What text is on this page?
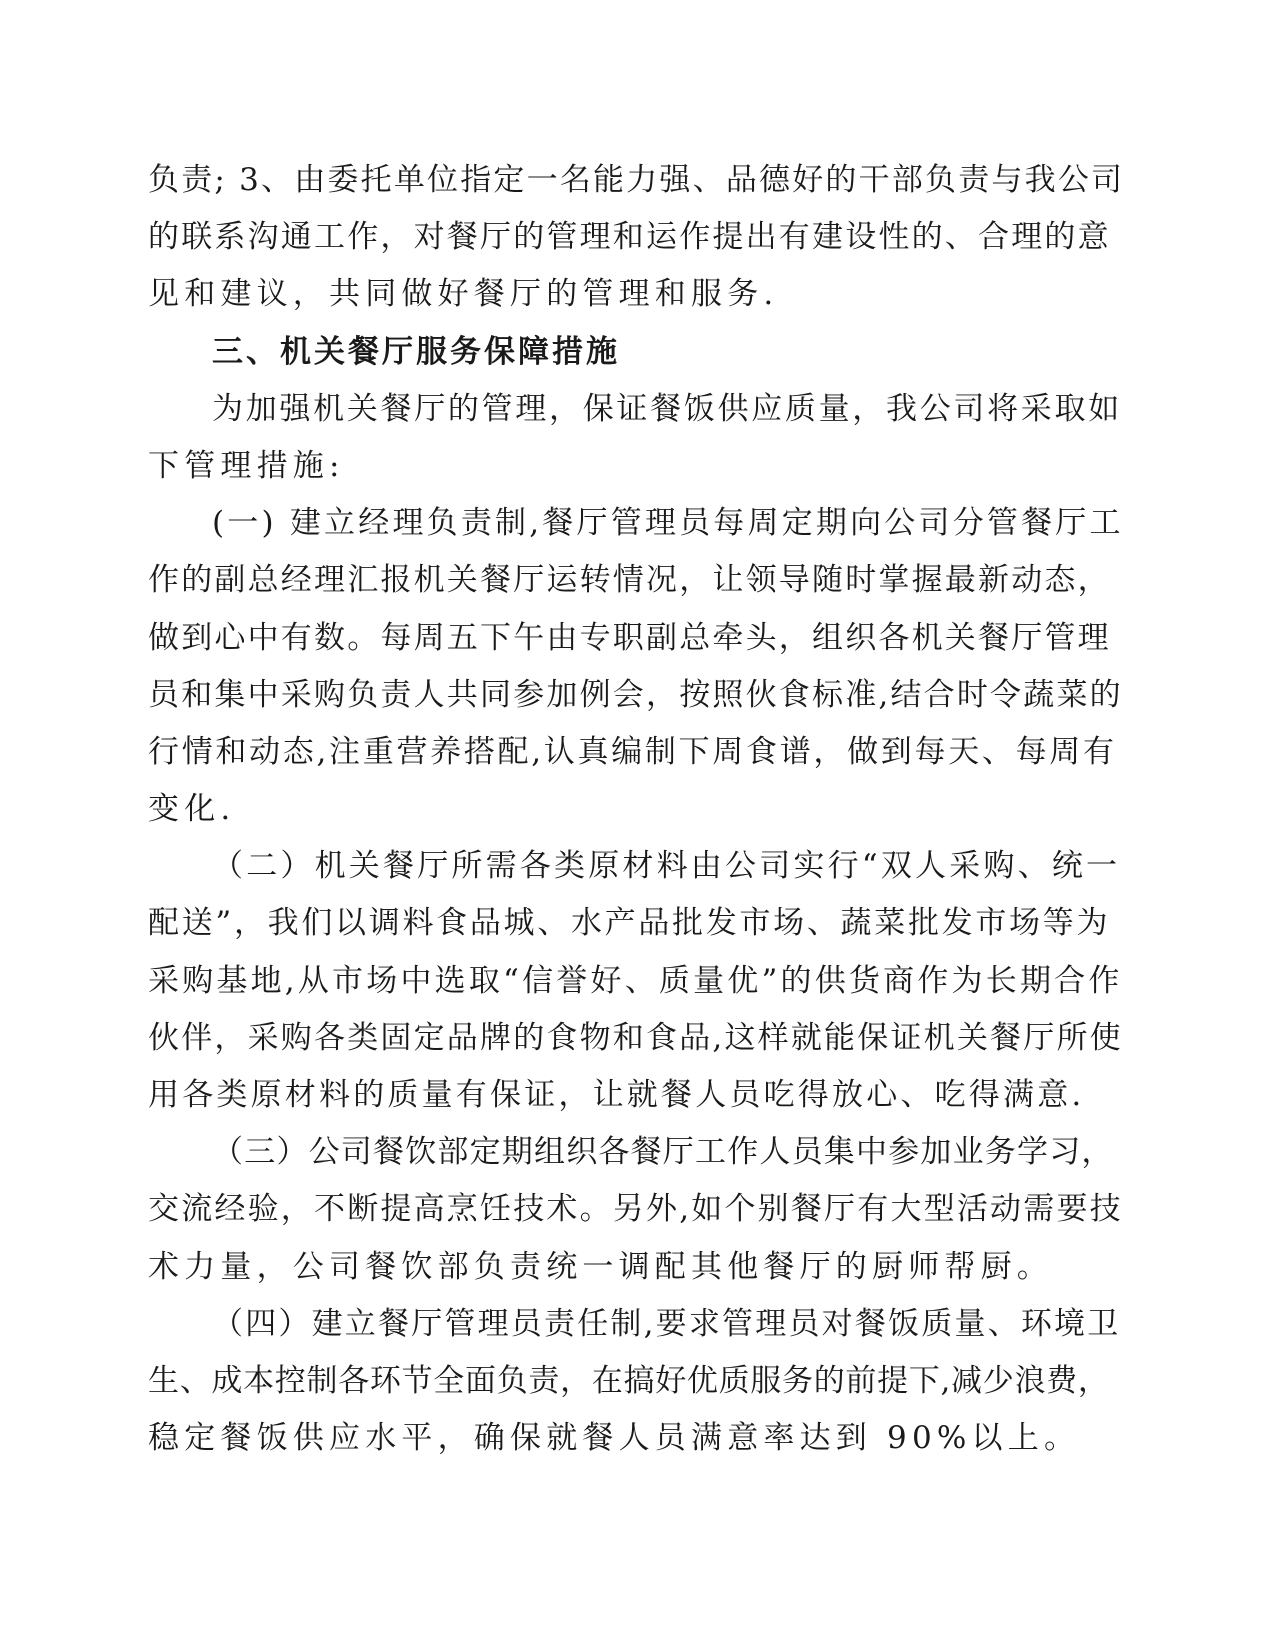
负责; 3、由委托单位指定一名能力强、品德好的干部负责与我公司
的联系沟通工作，对餐厅的管理和运作提出有建设性的、合理的意
见和建议，共同做好餐厅的管理和服务.
三、机关餐厅服务保障措施
为加强机关餐厅的管理，保证餐饭供应质量，我公司将采取如
下管理措施:
(一) 建立经理负责制,餐厅管理员每周定期向公司分管餐厅工
作的副总经理汇报机关餐厅运转情况，让领导随时掌握最新动态，
做到心中有数。每周五下午由专职副总牵头，组织各机关餐厅管理
员和集中采购负责人共同参加例会，按照伙食标准,结合时令蔬菜的
行情和动态,注重营养搭配,认真编制下周食谱，做到每天、每周有
变化.
（二）机关餐厅所需各类原材料由公司实行“双人采购、统一
配送”，我们以调料食品城、水产品批发市场、蔬菜批发市场等为
采购基地,从市场中选取“信誉好、质量优”的供货商作为长期合作
伙伴，采购各类固定品牌的食物和食品,这样就能保证机关餐厅所使
用各类原材料的质量有保证，让就餐人员吃得放心、吃得满意.
（三）公司餐饮部定期组织各餐厅工作人员集中参加业务学习，
交流经验，不断提高烹饪技术。另外,如个别餐厅有大型活动需要技
术力量，公司餐饮部负责统一调配其他餐厅的厨师帮厨。
（四）建立餐厅管理员责任制,要求管理员对餐饭质量、环境卫
生、成本控制各环节全面负责，在搞好优质服务的前提下,减少浪费，
稳定餐饭供应水平，确保就餐人员满意率达到 90%以上。
